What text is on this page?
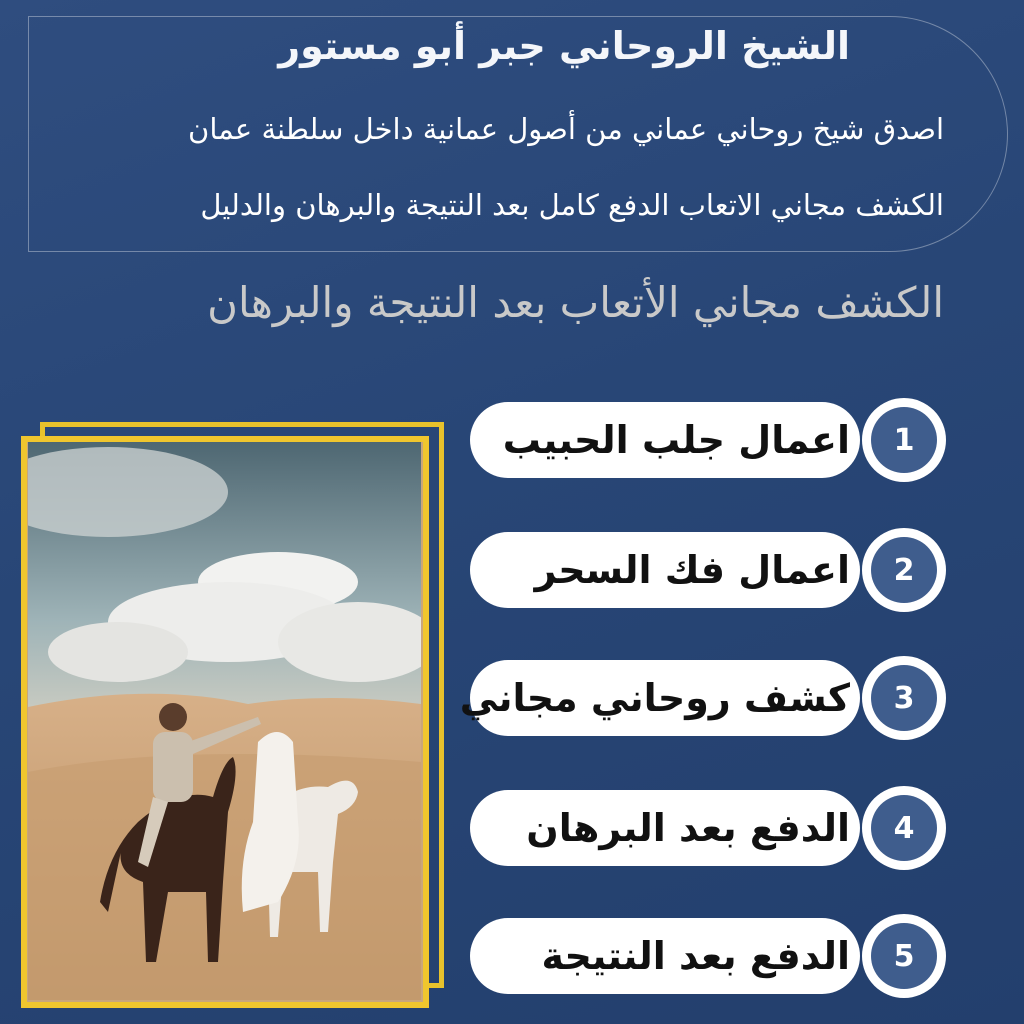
الشيخ الروحاني جبر أبو مستور
اصدق شيخ روحاني عماني من أصول عمانية داخل سلطنة عمان
الكشف مجاني الاتعاب الدفع كامل بعد النتيجة والبرهان والدليل
الكشف مجاني الأتعاب بعد النتيجة والبرهان
اعمال جلب الحبيب	1
اعمال فك السحر	2
كشف روحاني مجاني	3
الدفع بعد البرهان	4
الدفع بعد النتيجة	5
